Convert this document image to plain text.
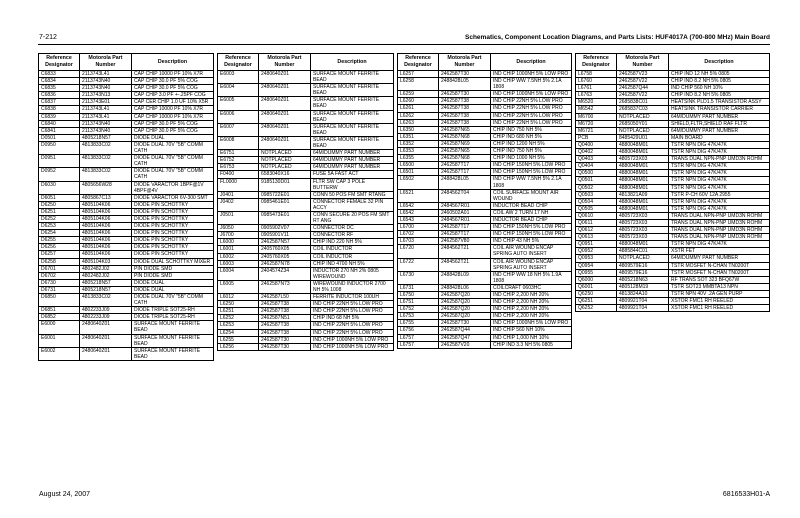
7-212	Schematics, Component Location Diagrams, and Parts Lists: HUF4017A (700-800 MHz) Main Board
Reference Designator	Motorola Part Number	Description
C6833	2113743L41	CAP CHIP 10000 PF 10% X7R
C6834	2113743N40	CAP CHIP 30.0 PF 5% COG
C6835	2113743N40	CAP CHIP 30.0 PF 5% COG
C6836	2113743N13	CAP CHIP 3.0 PF +-.25PF COG
C6837	2113743E01	CAP CER CHIP 1.0 UF 10% X5R
C6838	2113743L41	CAP CHIP 10000 PF 10% X7R
C6839	2113743L41	CAP CHIP 10000 PF 10% X7R
C6840	2113743N40	CAP CHIP 30.0 PF 5% COG
C6841	2113743N40	CAP CHIP 30.0 PF 5% COG
D0501	4805218N57	DIODE DUAL
D0950	4813833C02	DIODE DUAL 70V "5B" COMM CATH
D0951	4813833C02	DIODE DUAL 70V "5B" COMM CATH
D0952	4813833C02	DIODE DUAL 70V "5B" COMM CATH
D6030	4805656W28	DIODE VARACTOR 1BPF@1V 4BPF@4V
D6051	4805867C13	DIODE VARACTOR 6V-300 SMT
D6250	4805104K06	DIODE PIN SCHOTTKY
D6251	4805104K06	DIODE PIN SCHOTTKY
D6252	4805104K06	DIODE PIN SCHOTTKY
D6253	4805104K06	DIODE PIN SCHOTTKY
D6254	4805104K06	DIODE PIN SCHOTTKY
D6255	4805104K06	DIODE PIN SCHOTTKY
D6256	4805104K06	DIODE PIN SCHOTTKY
D6257	4805104K06	DIODE PIN SCHOTTKY
D6258	4805104K03	DIODE DUAL SCHOTTKY MIXER
D6701	4802482J02	PIN DIODE SMD
D6702	4802482J02	PIN DIODE SMD
D6730	4805218N57	DIODE DUAL
D6731	4805218N57	DIODE DUAL
D6850	4813833C02	DIODE DUAL 70V "5B" COMM CATH
D6851	4802233J09	DIODE TRIPLE SOT25-RH
D6852	4802233J09	DIODE TRIPLE SOT25-RH
E6000	2480640Z01	SURFACE MOUNT FERRITE BEAD
E6001	2480640Z01	SURFACE MOUNT FERRITE BEAD
E6002	2480640Z01	SURFACE MOUNT FERRITE BEAD
Reference Designator	Motorola Part Number	Description
E6003	2480640Z01	SURFACE MOUNT FERRITE BEAD
E6004	2480640Z01	SURFACE MOUNT FERRITE BEAD
E6005	2480640Z01	SURFACE MOUNT FERRITE BEAD
E6006	2480640Z01	SURFACE MOUNT FERRITE BEAD
E6007	2480640Z01	SURFACE MOUNT FERRITE BEAD
E6008	2480640Z01	SURFACE MOUNT FERRITE BEAD
E6751	NOTPLACED	64M/DUMMY PART NUMBER
E6752	NOTPLACED	64M/DUMMY PART NUMBER
E6753	NOTPLACED	64M/DUMMY PART NUMBER
F0400	6583040X16	FUSE 5A FAST ACT
FL0000	9185130D01	FLTR SW CAP 3 POLE BUTTERW
J0401	0985722E01	CONN 50 POS FM SMT RTANG
J0402	0985461E01	CONNECTOR FEMALE 32 PIN ACCY
J0501	0985473E01	CONN SECURE 20 POS FM SMT RT ANG
J6050	0905902V07	CONNECTOR DC
J6700	0905901V11	CONNECTOR RF
L6000	2462587N57	CHIP IND 220 NH 5%
L6001	2405760X05	COIL INDUCTOR
L6002	2405760X05	COIL INDUCTOR
L6003	2462587N78	CHIP IND 4700 NH 5%
L6004	2404574Z34	INDUCTOR 270 NH 2% 0805 WIREWOUND
L6005	2462587N73	WIREWOUND INDUCTOR 2700 NH 5% 1008
L6012	2462587L50	FERRITE INDUCTOR 100UH
L6250	2462587T38	IND CHIP 22NH 5% LOW PRO
L6251	2462587T38	IND CHIP 22NH 5% LOW PRO
L6252	2462587N51	CHIP IND 68 NH 5%
L6253	2462587T38	IND CHIP 22NH 5% LOW PRO
L6254	2462587T38	IND CHIP 22NH 5% LOW PRO
L6255	2462587T30	IND CHIP 1000NH 5% LOW PRO
L6256	2462587T30	IND CHIP 1000NH 5% LOW PRO
Reference Designator	Motorola Part Number	Description
L6257	2462587T30	IND CHIP 1000NH 5% LOW PRO
L6258	2488428L05	IND CHIP WW 7.5NH 5% 2.1A 1808
L6259	2462587T30	IND CHIP 1000NH 5% LOW PRO
L6260	2462587T38	IND CHIP 22NH 5% LOW PRO
L6261	2462587T38	IND CHIP 22NH 5% LOW PRO
L6262	2462587T38	IND CHIP 22NH 5% LOW PRO
L6263	2462587T38	IND CHIP 22NH 5% LOW PRO
L6350	2462587N65	CHIP IND 750 NH 5%
L6351	2462587N68	CHIP IND 680 NH 5%
L6352	2462587N69	CHIP IND 1200 NH 5%
L6353	2462587N65	CHIP IND 750 NH 5%
L6355	2462587N68	CHIP IND 1000 NH 5%
L6500	2462587T17	IND CHIP 150NH 5% LOW PRO
L6501	2462587T17	IND CHIP 150NH 5% LOW PRO
L6502	2488428L05	IND CHIP WW 7.5NH 5% 2.1A 1808
L6521	2484562T04	COIL SURFACE MOUNT AIR WOUND
L6542	2484567R01	INDUCTOR BEAD CHIP
L6542	2460502A01	COIL AW 2 TURN 17 NH
L6543	2484567R01	INDUCTOR BEAD CHIP
L6700	2462587T17	IND CHIP 150NH 5% LOW PRO
L6702	2462587T17	IND CHIP 150NH 5% LOW PRO
L6703	2462587V80	IND CHIP 43 NH 5%
L6720	2484562T21	COIL AIR WOUND ENCAP SPRING AUTO INSERT
L6722	2484562T21	COIL AIR WOUND ENCAP SPRING AUTO INSERT
L6730	2488428L09	IND CHIP WW 18 NH 5% 1.9A 1808
L6731	2488428L06	COILCRAFT 0603HC
L6750	2462587Q20	IND CHIP 2,200 NH 20%
L6751	2462587Q20	IND CHIP 2,200 NH 20%
L6752	2462587Q20	IND CHIP 2,200 NH 20%
L6753	2462587Q20	IND CHIP 2,200 NH 20%
L6755	2462587T30	IND CHIP 1000NH 5% LOW PRO
L6756	2462587Q44	IND CHIP 560 NH 10%
L6757	2462587Q47	IND CHIP 1,000 NH 10%
L6757	2462587V20	CHIP IND 3.3 NH 5% 0805
Reference Designator	Motorola Part Number	Description
L6758	2462587V23	CHIP IND 12 NH 5% 0805
L6760	2462587V22	CHIP IND 8.2 NH 5% 0805
L6761	2462587Q44	IND CHIP 560 NH 10%
L6763	2462587V22	CHIP IND 8.2 NH 5% 0805
M6520	2685838C01	HEATSINK PLD1.5 TRANSISTOR ASSY
M6542	2685837C03	HEATSINK TRANSISTOR CARRIER
M6700	NOTPLACED	64M/DUMMY PART NUMBER
M6720	2685050Y01	SHIELD,FLTR,SHIELD RAF FLTR
M6721	NOTPLACED	64M/DUMMY PART NUMBER
PCB	8485429U01	MAIN BOARD
Q0400	4880048M01	TSTR NPN DIG 47K/47K
Q0402	4880048M01	TSTR NPN DIG 47K/47K
Q0403	4805723X03	TRANS DUAL NPN-PNP UMD3N ROHM
Q0404	4880048M01	TSTR NPN DIG 47K/47K
Q0500	4880048M01	TSTR NPN DIG 47K/47K
Q0501	4880048M01	TSTR NPN DIG 47K/47K
Q0502	4880048M01	TSTR NPN DIG 47K/47K
Q0503	4813821A09	TSTR P-CH 60V 12A 2955
Q0504	4880048M01	TSTR NPN DIG 47K/47K
Q0505	4880048M01	TSTR NPN DIG 47K/47K
Q0610	4805723X03	TRANS DUAL NPN-PNP UMD3N ROHM
Q0611	4805723X03	TRANS DUAL NPN-PNP UMD3N ROHM
Q0612	4805723X03	TRANS DUAL NPN-PNP UMD3N ROHM
Q0613	4805723X03	TRANS DUAL NPN-PNP UMD3N ROHM
Q0951	4880048M01	TSTR NPN DIG 47K/47K
Q0952	4885844C01	XSTR FET
Q0953	NOTPLACED	64M/DUMMY PART NUMBER
Q0954	4809579E16	TSTR MOSFET N-CHAN TN0200T
Q0955	4809579E16	TSTR MOSFET N-CHAN TN0200T
Q6000	4805218N63	RF TRANS SOT 323 BFQ67W
Q6001	4805128M19	TSTR SOT23 MMBTA13 NPN
Q6250	4813824A10	TSTR NPN 40V .2A GEN PURP
Q6251	4809921T04	XSTOR FMC1 RH REELED
Q6252	4809921T04	XSTOR FMC1 RH REELED
August 24, 2007	6816533H01-A
